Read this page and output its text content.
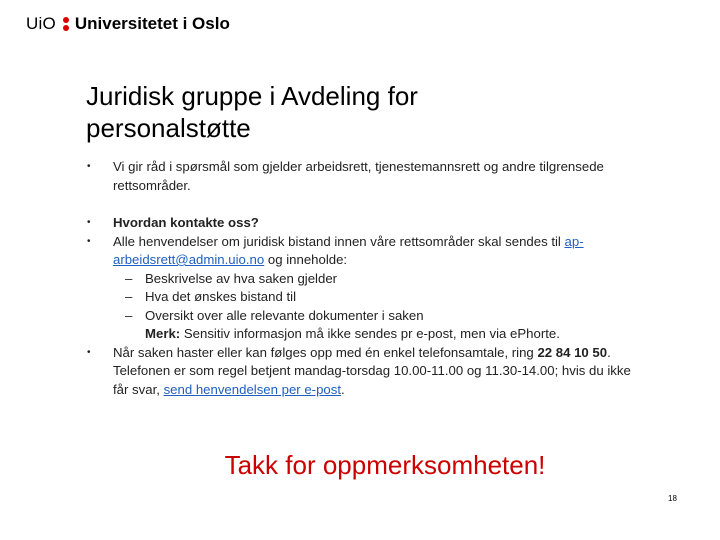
UiO Universitetet i Oslo
Juridisk gruppe i Avdeling for
personalstøtte
•	Vi gir råd i spørsmål som gjelder arbeidsrett, tjenestemannsrett og andre tilgrensede
rettsområder.
•	Hvordan kontakte oss?
•	Alle henvendelser om juridisk bistand innen våre rettsområder skal sendes til ap-
arbeidsrett@admin.uio.no og inneholde:
– Beskrivelse av hva saken gjelder
– Hva det ønskes bistand til
– Oversikt over alle relevante dokumenter i saken
Merk: Sensitiv informasjon må ikke sendes pr e-post, men via ePhorte.
•	Når saken haster eller kan følges opp med én enkel telefonsamtale, ring 22 84 10 50.
Telefonen er som regel betjent mandag-torsdag 10.00-11.00 og 11.30-14.00; hvis du ikke
får svar, send henvendelsen per e-post.
Takk for oppmerksomheten!
18
